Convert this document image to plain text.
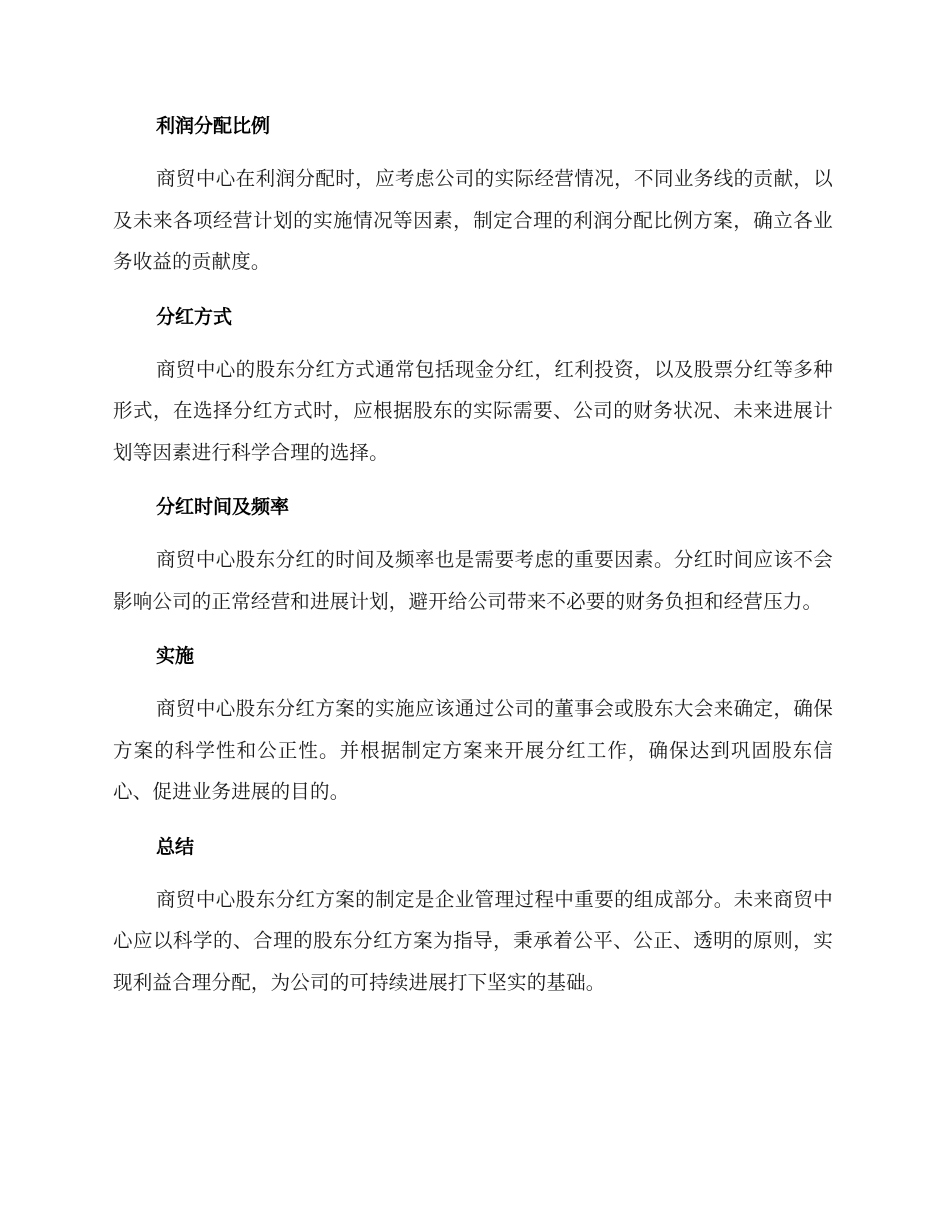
利润分配比例

商贸中心在利润分配时，应考虑公司的实际经营情况，不同业务线的贡献，以及未来各项经营计划的实施情况等因素，制定合理的利润分配比例方案，确立各业务收益的贡献度。

分红方式

商贸中心的股东分红方式通常包括现金分红，红利投资，以及股票分红等多种形式，在选择分红方式时，应根据股东的实际需要、公司的财务状况、未来进展计划等因素进行科学合理的选择。

分红时间及频率

商贸中心股东分红的时间及频率也是需要考虑的重要因素。分红时间应该不会影响公司的正常经营和进展计划，避开给公司带来不必要的财务负担和经营压力。

实施

商贸中心股东分红方案的实施应该通过公司的董事会或股东大会来确定，确保方案的科学性和公正性。并根据制定方案来开展分红工作，确保达到巩固股东信心、促进业务进展的目的。

总结

商贸中心股东分红方案的制定是企业管理过程中重要的组成部分。未来商贸中心应以科学的、合理的股东分红方案为指导，秉承着公平、公正、透明的原则，实现利益合理分配，为公司的可持续进展打下坚实的基础。
